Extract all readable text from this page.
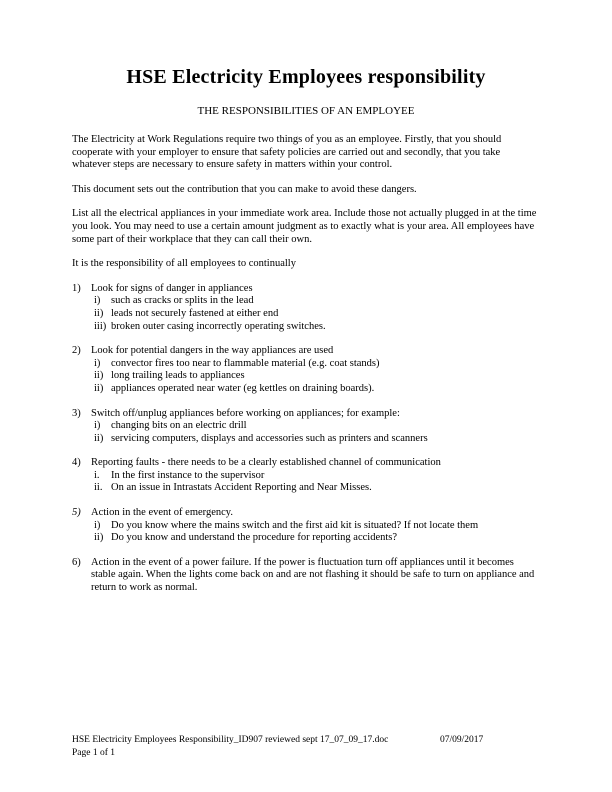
HSE Electricity Employees responsibility
THE RESPONSIBILITIES OF AN EMPLOYEE

The Electricity at Work Regulations require two things of you as an employee. Firstly, that you should cooperate with your employer to ensure that safety policies are carried out and secondly, that you take whatever steps are necessary to ensure safety in matters within your control.

This document sets out the contribution that you can make to avoid these dangers.

List all the electrical appliances in your immediate work area. Include those not actually plugged in at the time you look. You may need to use a certain amount judgment as to exactly what is your area. All employees have some part of their workplace that they can call their own.

It is the responsibility of all employees to continually

1) Look for signs of danger in appliances
i)	such as cracks or splits in the lead
ii) leads not securely fastened at either end
iii) broken outer casing incorrectly operating switches.
2) Look for potential dangers in the way appliances are used
i)	convector fires too near to flammable material (e.g. coat stands)
ii) long trailing leads to appliances
ii) appliances operated near water (eg kettles on draining boards).
3) Switch off/unplug appliances before working on appliances; for example:
i)	changing bits on an electric drill
ii) servicing computers, displays and accessories such as printers and scanners
4) Reporting faults - there needs to be a clearly established channel of communication
i.	In the first instance to the supervisor
ii. On an issue in Intrastats Accident Reporting and Near Misses.
5) Action in the event of emergency.
i)	Do you know where the mains switch and the first aid kit is situated? If not locate them
ii) Do you know and understand the procedure for reporting accidents?
6) Action in the event of a power failure. If the power is fluctuation turn off appliances until it becomes stable again. When the lights come back on and are not flashing it should be safe to turn on appliance and return to work as normal.
HSE Electricity Employees Responsibility_ID907 reviewed sept 17_07_09_17.doc	07/09/2017
Page 1 of 1
